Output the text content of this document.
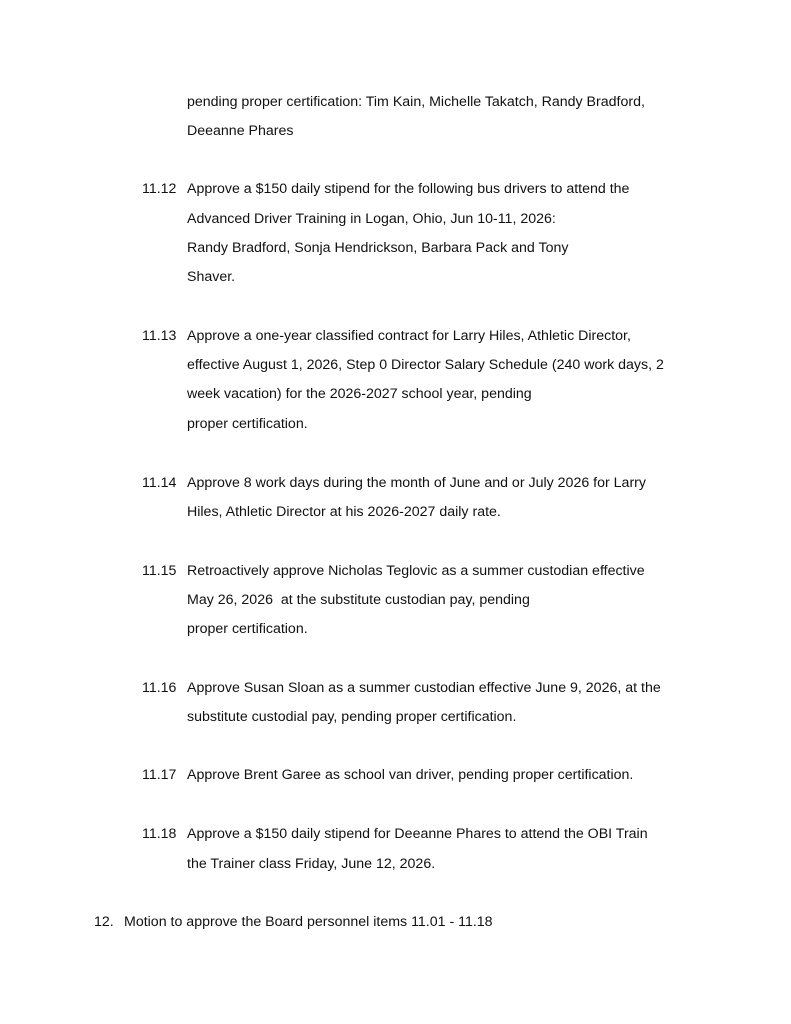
pending proper certification: Tim Kain, Michelle Takatch, Randy Bradford,
Deeanne Phares
11.12 Approve a $150 daily stipend for the following bus drivers to attend the
Advanced Driver Training in Logan, Ohio, Jun 10-11, 2026:
Randy Bradford, Sonja Hendrickson, Barbara Pack and Tony
Shaver.
11.13 Approve a one-year classified contract for Larry Hiles, Athletic Director,
effective August 1, 2026, Step 0 Director Salary Schedule (240 work days, 2
week vacation) for the 2026-2027 school year, pending
proper certification.
11.14 Approve 8 work days during the month of June and or July 2026 for Larry
Hiles, Athletic Director at his 2026-2027 daily rate.
11.15 Retroactively approve Nicholas Teglovic as a summer custodian effective
May 26, 2026  at the substitute custodian pay, pending
proper certification.
11.16 Approve Susan Sloan as a summer custodian effective June 9, 2026, at the
substitute custodial pay, pending proper certification.
11.17 Approve Brent Garee as school van driver, pending proper certification.
11.18 Approve a $150 daily stipend for Deeanne Phares to attend the OBI Train
the Trainer class Friday, June 12, 2026.
12. Motion to approve the Board personnel items 11.01 - 11.18
